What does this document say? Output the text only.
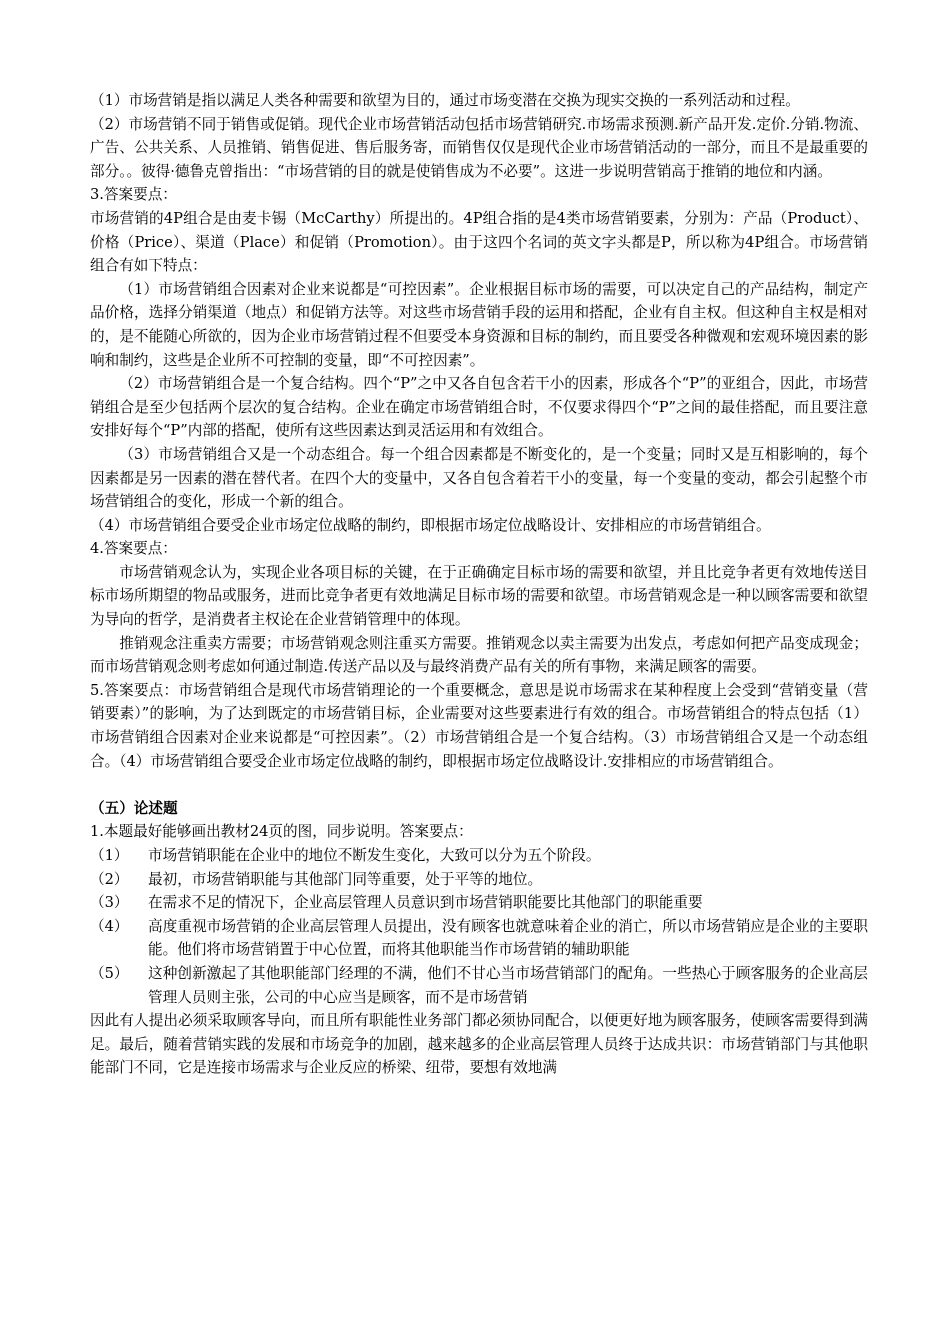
（1）市场营销是指以满足人类各种需要和欲望为目的，通过市场变潜在交换为现实交换的一系列活动和过程。

（2）市场营销不同于销售或促销。现代企业市场营销活动包括市场营销研究.市场需求预测.新产品开发.定价.分销.物流、广告、公共关系、人员推销、销售促进、售后服务寄，而销售仅仅是现代企业市场营销活动的一部分，而且不是最重要的部分。。彼得·德鲁克曾指出：“市场营销的目的就是使销售成为不必要”。这进一步说明营销高于推销的地位和内涵。

3.答案要点：

市场营销的4P组合是由麦卡锡（McCarthy）所提出的。4P组合指的是4类市场营销要素，分别为：产品（Product）、价格（Price）、渠道（Place）和促销（Promotion）。由于这四个名词的英文字头都是P，所以称为4P组合。市场营销组合有如下特点：

（1）市场营销组合因素对企业来说都是“可控因素”。企业根据目标市场的需要，可以决定自己的产品结构，制定产品价格，选择分销渠道（地点）和促销方法等。对这些市场营销手段的运用和搭配，企业有自主权。但这种自主权是相对的，是不能随心所欲的，因为企业市场营销过程不但要受本身资源和目标的制约，而且要受各种微观和宏观环境因素的影响和制约，这些是企业所不可控制的变量，即“不可控因素”。

（2）市场营销组合是一个复合结构。四个“P”之中又各自包含若干小的因素，形成各个“P”的亚组合，因此，市场营销组合是至少包括两个层次的复合结构。企业在确定市场营销组合时，不仅要求得四个“P”之间的最佳搭配，而且要注意安排好每个“P”内部的搭配，使所有这些因素达到灵活运用和有效组合。

（3）市场营销组合又是一个动态组合。每一个组合因素都是不断变化的，是一个变量；同时又是互相影响的，每个因素都是另一因素的潜在替代者。在四个大的变量中，又各自包含着若干小的变量，每一个变量的变动，都会引起整个市场营销组合的变化，形成一个新的组合。

（4）市场营销组合要受企业市场定位战略的制约，即根据市场定位战略设计、安排相应的市场营销组合。

4.答案要点：

市场营销观念认为，实现企业各项目标的关键，在于正确确定目标市场的需要和欲望，并且比竞争者更有效地传送目标市场所期望的物品或服务，进而比竞争者更有效地满足目标市场的需要和欲望。市场营销观念是一种以顾客需要和欲望为导向的哲学，是消费者主权论在企业营销管理中的体现。

推销观念注重卖方需要；市场营销观念则注重买方需要。推销观念以卖主需要为出发点，考虑如何把产品变成现金；而市场营销观念则考虑如何通过制造.传送产品以及与最终消费产品有关的所有事物，来满足顾客的需要。

5.答案要点：市场营销组合是现代市场营销理论的一个重要概念，意思是说市场需求在某种程度上会受到“营销变量（营销要素）”的影响，为了达到既定的市场营销目标，企业需要对这些要素进行有效的组合。市场营销组合的特点包括（1）市场营销组合因素对企业来说都是“可控因素”。（2）市场营销组合是一个复合结构。（3）市场营销组合又是一个动态组合。（4）市场营销组合要受企业市场定位战略的制约，即根据市场定位战略设计.安排相应的市场营销组合。

（五）论述题

1.本题最好能够画出教材24页的图，同步说明。答案要点：

（1）	市场营销职能在企业中的地位不断发生变化，大致可以分为五个阶段。
（2）	最初，市场营销职能与其他部门同等重要，处于平等的地位。
（3）	在需求不足的情况下，企业高层管理人员意识到市场营销职能要比其他部门的职能重要
（4）	高度重视市场营销的企业高层管理人员提出，没有顾客也就意味着企业的消亡，所以市场营销应是企业的主要职能。他们将市场营销置于中心位置，而将其他职能当作市场营销的辅助职能
（5）	这种创新激起了其他职能部门经理的不满，他们不甘心当市场营销部门的配角。一些热心于顾客服务的企业高层管理人员则主张，公司的中心应当是顾客，而不是市场营销

因此有人提出必须采取顾客导向，而且所有职能性业务部门都必须协同配合，以便更好地为顾客服务，使顾客需要得到满足。最后，随着营销实践的发展和市场竞争的加剧，越来越多的企业高层管理人员终于达成共识：市场营销部门与其他职能部门不同，它是连接市场需求与企业反应的桥梁、纽带，要想有效地满
